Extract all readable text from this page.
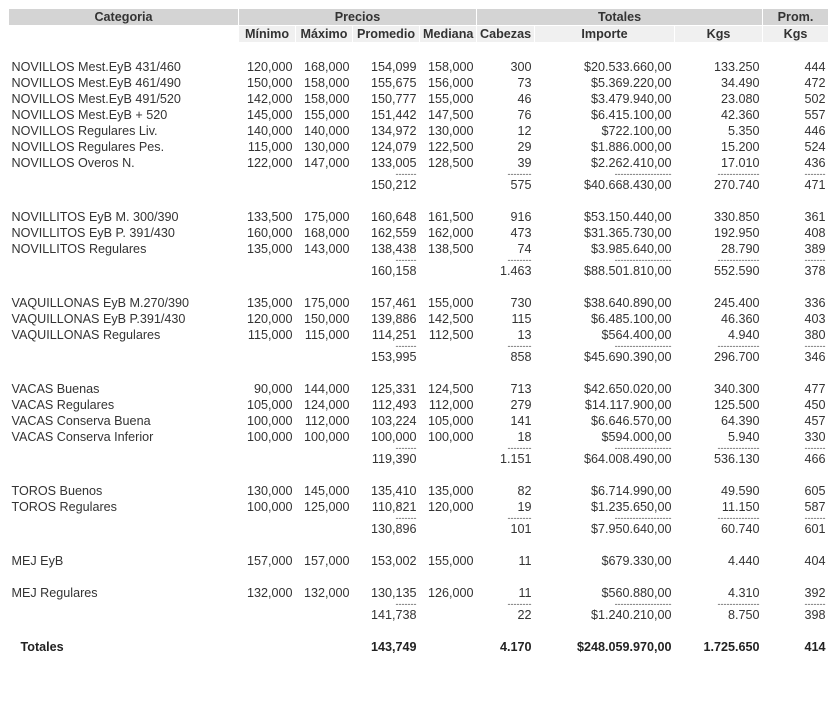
Categoria	Precios				Totales			Prom.
	Mínimo	Máximo	Promedio	Mediana	Cabezas	Importe	Kgs	Kgs

NOVILLOS Mest.EyB 431/460	120,000	168,000	154,099	158,000	300	$20.533.660,00	133.250	444
NOVILLOS Mest.EyB 461/490	150,000	158,000	155,675	156,000	73	$5.369.220,00	34.490	472
NOVILLOS Mest.EyB 491/520	142,000	158,000	150,777	155,000	46	$3.479.940,00	23.080	502
NOVILLOS Mest.EyB + 520	145,000	155,000	151,442	147,500	76	$6.415.100,00	42.360	557
NOVILLOS Regulares Liv.	140,000	140,000	134,972	130,000	12	$722.100,00	5.350	446
NOVILLOS Regulares Pes.	115,000	130,000	124,079	122,500	29	$1.886.000,00	15.200	524
NOVILLOS Overos N.	122,000	147,000	133,005	128,500	39	$2.262.410,00	17.010	436
			-------		--------	-------------------	--------------	-------
			150,212		575	$40.668.430,00	270.740	471

NOVILLITOS EyB M. 300/390	133,500	175,000	160,648	161,500	916	$53.150.440,00	330.850	361
NOVILLITOS EyB P. 391/430	160,000	168,000	162,559	162,000	473	$31.365.730,00	192.950	408
NOVILLITOS Regulares	135,000	143,000	138,438	138,500	74	$3.985.640,00	28.790	389
			-------		--------	-------------------	--------------	-------
			160,158		1.463	$88.501.810,00	552.590	378

VAQUILLONAS EyB M.270/390	135,000	175,000	157,461	155,000	730	$38.640.890,00	245.400	336
VAQUILLONAS EyB P.391/430	120,000	150,000	139,886	142,500	115	$6.485.100,00	46.360	403
VAQUILLONAS Regulares	115,000	115,000	114,251	112,500	13	$564.400,00	4.940	380
			-------		--------	-------------------	--------------	-------
			153,995		858	$45.690.390,00	296.700	346

VACAS Buenas	90,000	144,000	125,331	124,500	713	$42.650.020,00	340.300	477
VACAS Regulares	105,000	124,000	112,493	112,000	279	$14.117.900,00	125.500	450
VACAS Conserva Buena	100,000	112,000	103,224	105,000	141	$6.646.570,00	64.390	457
VACAS Conserva Inferior	100,000	100,000	100,000	100,000	18	$594.000,00	5.940	330
			-------		--------	-------------------	--------------	-------
			119,390		1.151	$64.008.490,00	536.130	466

TOROS Buenos	130,000	145,000	135,410	135,000	82	$6.714.990,00	49.590	605
TOROS Regulares	100,000	125,000	110,821	120,000	19	$1.235.650,00	11.150	587
			-------		--------	-------------------	--------------	-------
			130,896		101	$7.950.640,00	60.740	601

MEJ EyB	157,000	157,000	153,002	155,000	11	$679.330,00	4.440	404

MEJ Regulares	132,000	132,000	130,135	126,000	11	$560.880,00	4.310	392
			-------		--------	-------------------	--------------	-------
			141,738		22	$1.240.210,00	8.750	398

Totales			143,749		4.170	$248.059.970,00	1.725.650	414
